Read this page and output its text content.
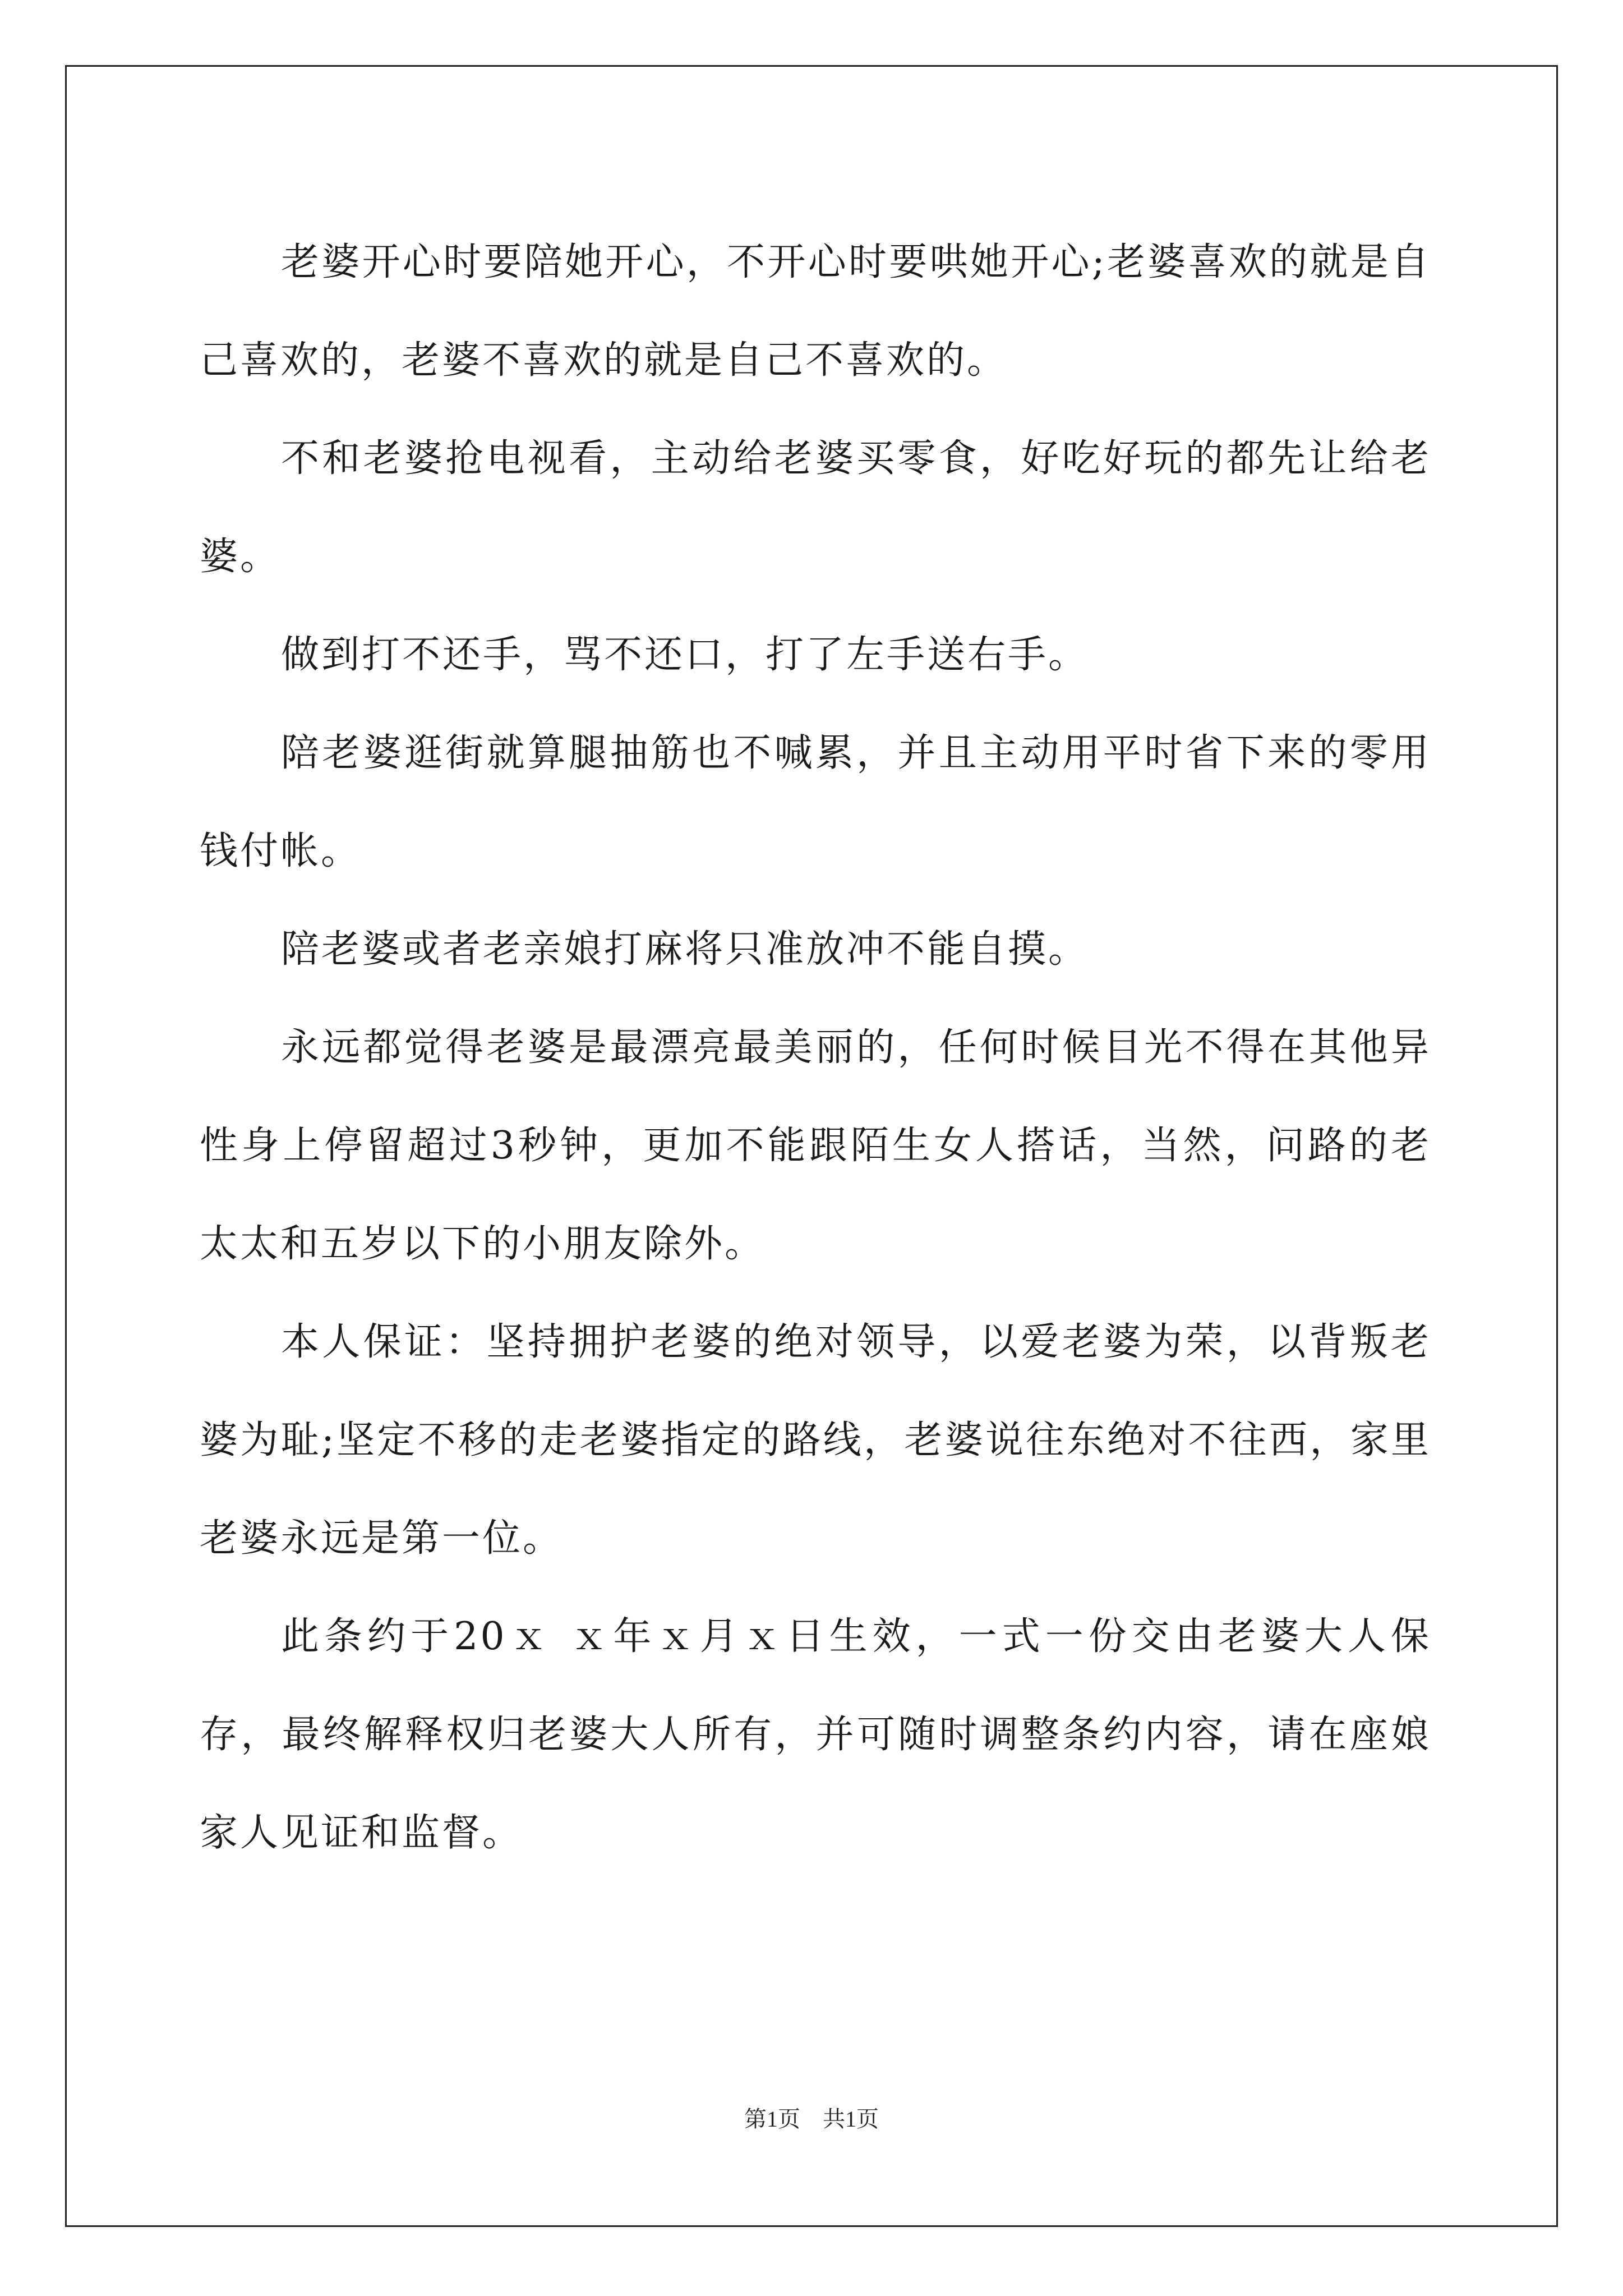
老婆开心时要陪她开心，不开心时要哄她开心;老婆喜欢的就是自己喜欢的，老婆不喜欢的就是自己不喜欢的。

不和老婆抢电视看，主动给老婆买零食，好吃好玩的都先让给老婆。

做到打不还手，骂不还口，打了左手送右手。

陪老婆逛街就算腿抽筋也不喊累，并且主动用平时省下来的零用钱付帐。

陪老婆或者老亲娘打麻将只准放冲不能自摸。

永远都觉得老婆是最漂亮最美丽的，任何时候目光不得在其他异性身上停留超过3秒钟，更加不能跟陌生女人搭话，当然，问路的老太太和五岁以下的小朋友除外。

本人保证：坚持拥护老婆的绝对领导，以爱老婆为荣，以背叛老婆为耻;坚定不移的走老婆指定的路线，老婆说往东绝对不往西，家里老婆永远是第一位。

此条约于20ｘ ｘ年ｘ月ｘ日生效，一式一份交由老婆大人保存，最终解释权归老婆大人所有，并可随时调整条约内容，请在座娘家人见证和监督。

第1页　共1页
